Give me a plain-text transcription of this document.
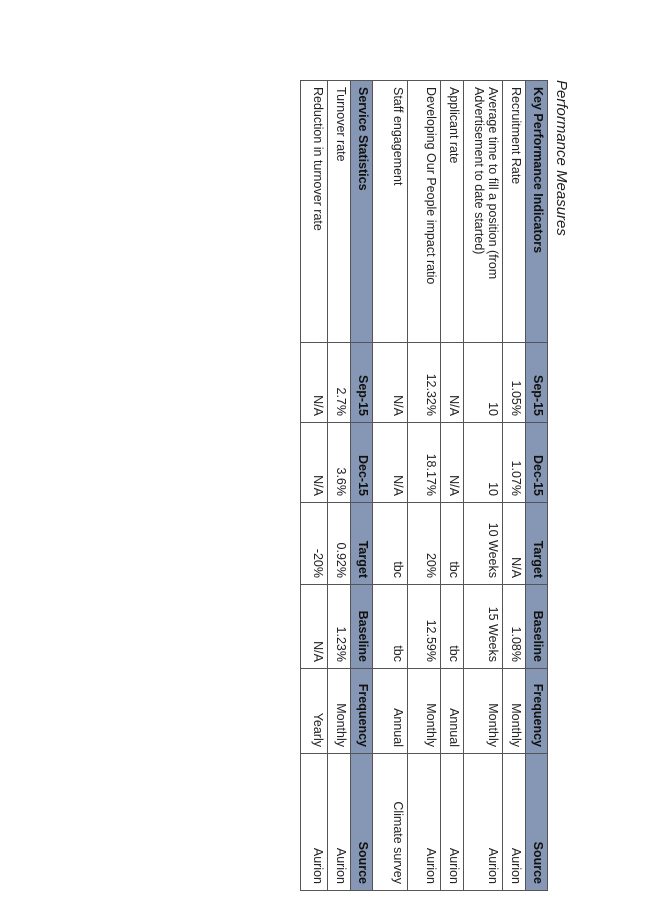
Performance Measures
Key Performance Indicators	Sep-15	Dec-15	Target	Baseline	Frequency	Source
Recruitment Rate	1.05%	1.07%	N/A	1.08%	Monthly	Aurion
Average time to fill a position (from Advertisement to date started)	10	10	10 Weeks	15 Weeks	Monthly	Aurion
Applicant rate	N/A	N/A	tbc	tbc	Annual	Aurion
Developing Our People impact ratio	12.32%	18.17%	20%	12.59%	Monthly	Aurion
Staff engagement	N/A	N/A	tbc	tbc	Annual	Climate survey
Service Statistics	Sep-15	Dec-15	Target	Baseline	Frequency	Source
Turnover rate	2.7%	3.6%	0.92%	1.23%	Monthly	Aurion
Reduction in turnover rate	N/A	N/A	-20%	N/A	Yearly	Aurion
